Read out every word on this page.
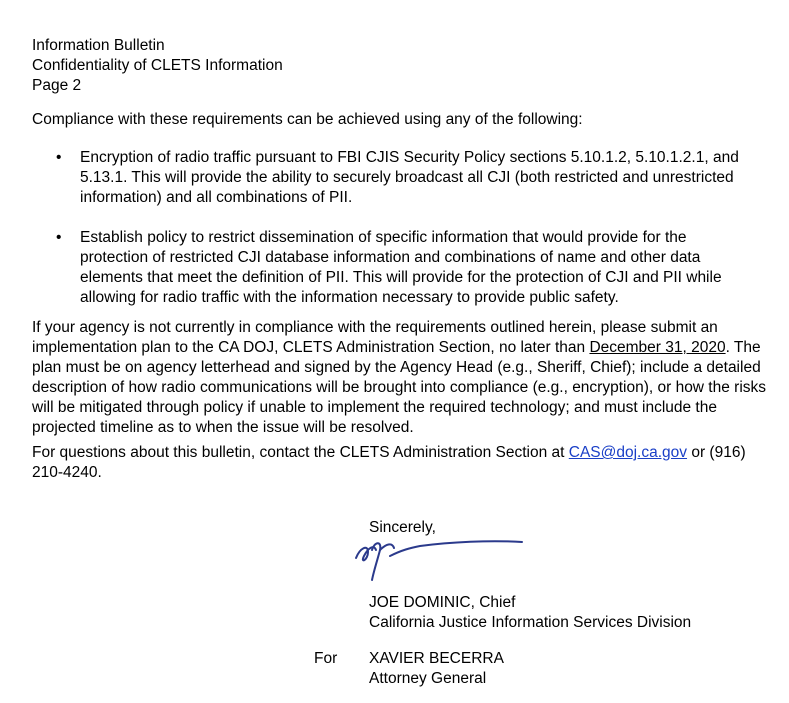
Information Bulletin
Confidentiality of CLETS Information
Page 2
Compliance with these requirements can be achieved using any of the following:
• Encryption of radio traffic pursuant to FBI CJIS Security Policy sections 5.10.1.2, 5.10.1.2.1, and 5.13.1. This will provide the ability to securely broadcast all CJI (both restricted and unrestricted information) and all combinations of PII.
• Establish policy to restrict dissemination of specific information that would provide for the protection of restricted CJI database information and combinations of name and other data elements that meet the definition of PII. This will provide for the protection of CJI and PII while allowing for radio traffic with the information necessary to provide public safety.
If your agency is not currently in compliance with the requirements outlined herein, please submit an implementation plan to the CA DOJ, CLETS Administration Section, no later than December 31, 2020. The plan must be on agency letterhead and signed by the Agency Head (e.g., Sheriff, Chief); include a detailed description of how radio communications will be brought into compliance (e.g., encryption), or how the risks will be mitigated through policy if unable to implement the required technology; and must include the projected timeline as to when the issue will be resolved.
For questions about this bulletin, contact the CLETS Administration Section at CAS@doj.ca.gov or (916) 210-4240.
Sincerely,
JOE DOMINIC, Chief
California Justice Information Services Division
For XAVIER BECERRA
Attorney General
